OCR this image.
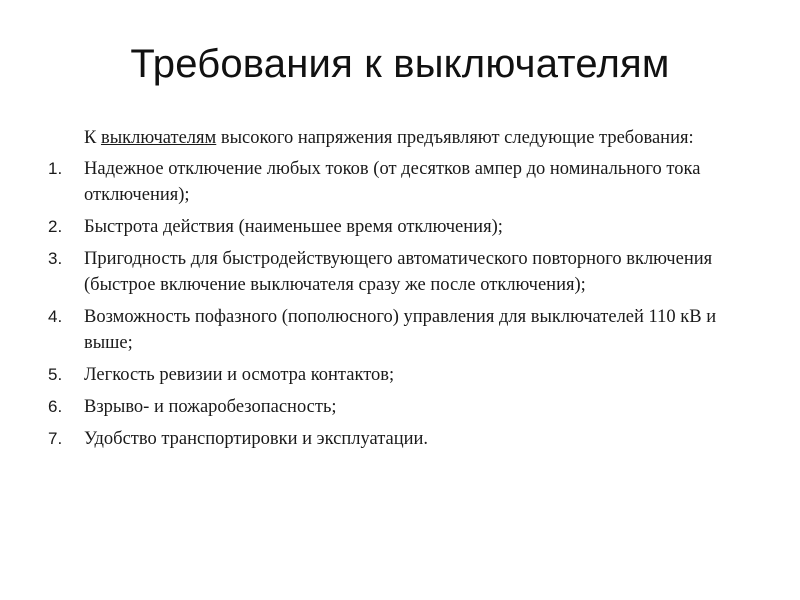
Требования к выключателям

К выключателям высокого напряжения предъявляют следующие требования:

1. Надежное отключение любых токов (от десятков ампер до номинального тока отключения);
2. Быстрота действия (наименьшее время отключения);
3. Пригодность для быстродействующего автоматического повторного включения (быстрое включение выключателя сразу же после отключения);
4. Возможность пофазного (пополюсного) управления для выключателей 110 кВ и выше;
5. Легкость ревизии и осмотра контактов;
6. Взрыво- и пожаробезопасность;
7. Удобство транспортировки и эксплуатации.
